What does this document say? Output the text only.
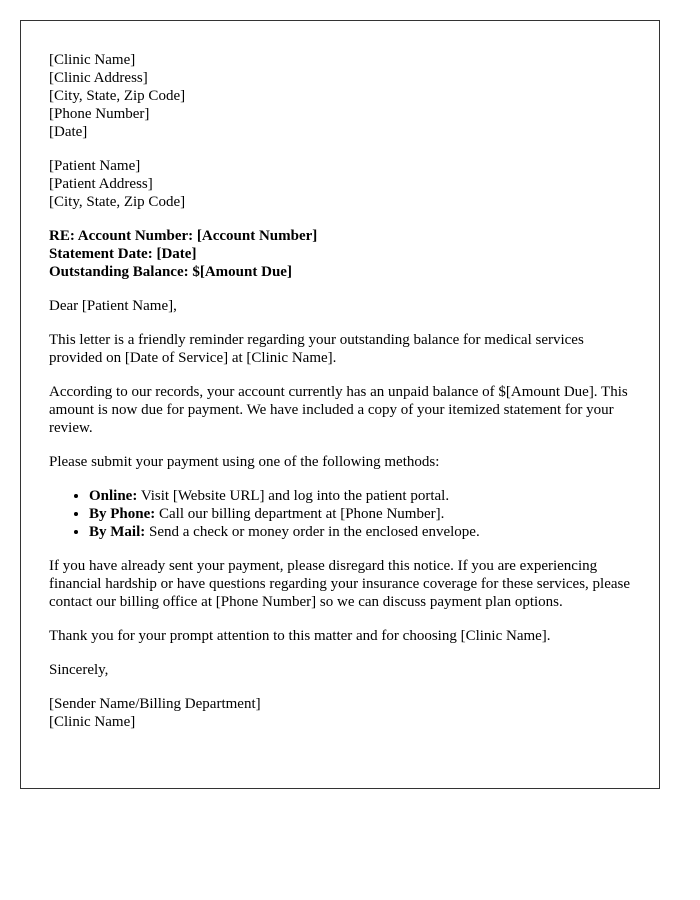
[Clinic Name]
[Clinic Address]
[City, State, Zip Code]
[Phone Number]
[Date]
[Patient Name]
[Patient Address]
[City, State, Zip Code]
RE: Account Number: [Account Number]
Statement Date: [Date]
Outstanding Balance: $[Amount Due]

Dear [Patient Name],

This letter is a friendly reminder regarding your outstanding balance for medical services provided on [Date of Service] at [Clinic Name].

According to our records, your account currently has an unpaid balance of $[Amount Due]. This amount is now due for payment. We have included a copy of your itemized statement for your review.

Please submit your payment using one of the following methods:

• Online: Visit [Website URL] and log into the patient portal.
• By Phone: Call our billing department at [Phone Number].
• By Mail: Send a check or money order in the enclosed envelope.

If you have already sent your payment, please disregard this notice. If you are experiencing financial hardship or have questions regarding your insurance coverage for these services, please contact our billing office at [Phone Number] so we can discuss payment plan options.

Thank you for your prompt attention to this matter and for choosing [Clinic Name].

Sincerely,

[Sender Name/Billing Department]
[Clinic Name]
